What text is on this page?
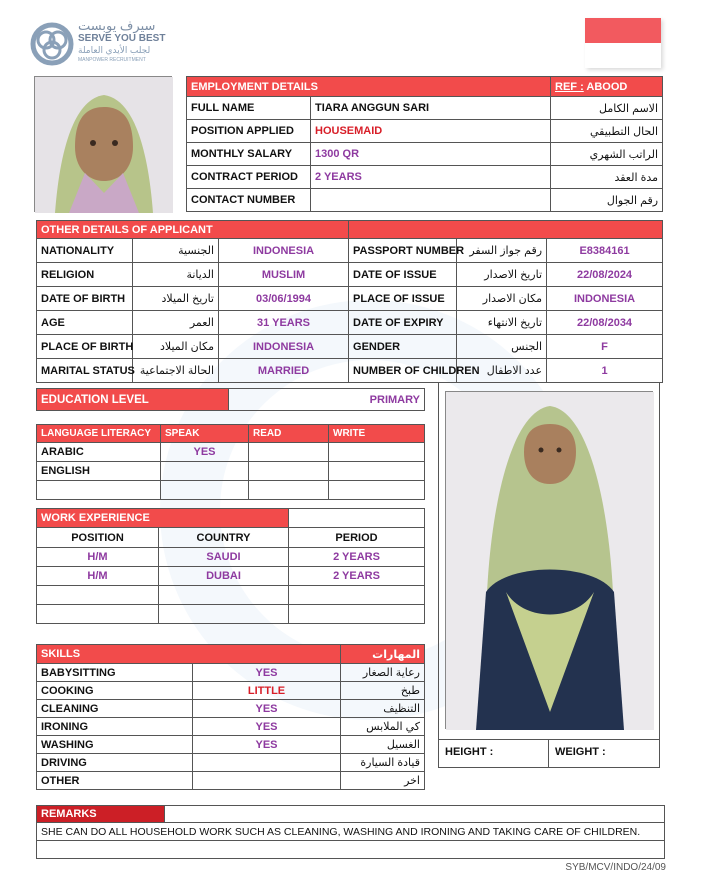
سيرف يوبست
SERVE YOU BEST
لجلب الأيدي العاملة
MANPOWER RECRUITMENT
EMPLOYMENT DETAILS		REF : ABOOD
FULL NAME	TIARA ANGGUN SARI	الاسم الكامل
POSITION APPLIED	HOUSEMAID	الحال التطبيقي
MONTHLY SALARY	1300 QR	الراتب الشهري
CONTRACT PERIOD	2 YEARS	مدة العقد
CONTACT NUMBER		رقم الجوال
OTHER DETAILS OF APPLICANT					
NATIONALITY	الجنسية	INDONESIA	PASSPORT NUMBER	رقم جواز السفر	E8384161
RELIGION	الديانة	MUSLIM	DATE OF ISSUE	تاريخ الاصدار	22/08/2024
DATE OF BIRTH	تاريخ الميلاد	03/06/1994	PLACE OF ISSUE	مكان الاصدار	INDONESIA
AGE	العمر	31 YEARS	DATE OF EXPIRY	تاريخ الانتهاء	22/08/2034
PLACE OF BIRTH	مكان الميلاد	INDONESIA	GENDER	الجنس	F
MARITAL STATUS	الحالة الاجتماعية	MARRIED	NUMBER OF CHILDREN	عدد الاطفال	1
EDUCATION LEVEL	PRIMARY
LANGUAGE LITERACY	SPEAK	READ	WRITE
ARABIC	YES		
ENGLISH			

WORK EXPERIENCE		
POSITION	COUNTRY	PERIOD
H/M	SAUDI	2 YEARS
H/M	DUBAI	2 YEARS

SKILLS		المهارات
BABYSITTING	YES	رعاية الصغار
COOKING	LITTLE	طبخ
CLEANING	YES	التنظيف
IRONING	YES	كي الملابس
WASHING	YES	الغسيل
DRIVING		قيادة السيارة
OTHER		اخر
HEIGHT :	WEIGHT :
REMARKS	
SHE CAN DO ALL HOUSEHOLD WORK SUCH AS CLEANING, WASHING AND IRONING AND TAKING CARE OF CHILDREN.

SYB/MCV/INDO/24/09
